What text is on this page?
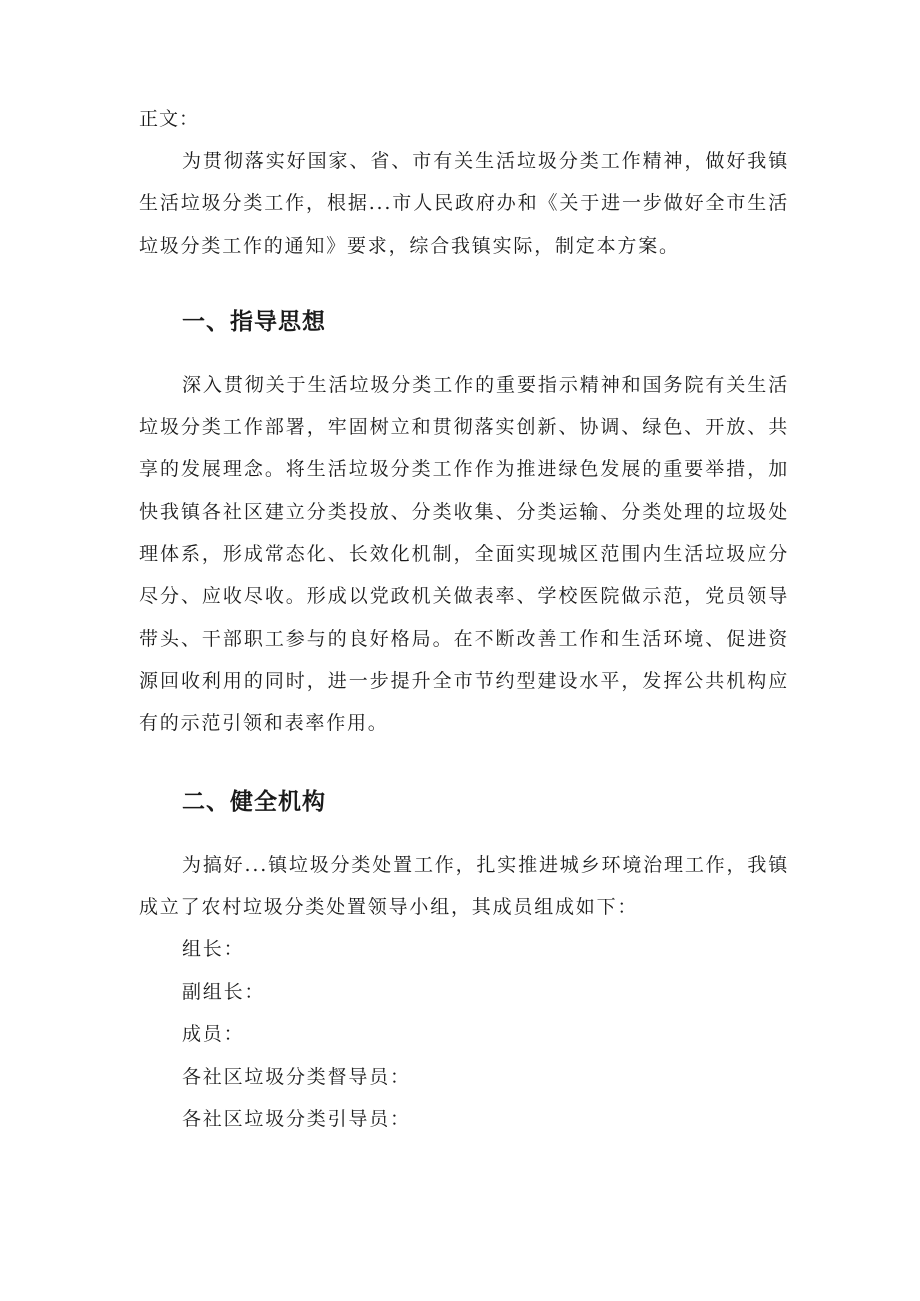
正文：

为贯彻落实好国家、省、市有关生活垃圾分类工作精神，做好我镇生活垃圾分类工作，根据...市人民政府办和《关于进一步做好全市生活垃圾分类工作的通知》要求，综合我镇实际，制定本方案。

一、指导思想

深入贯彻关于生活垃圾分类工作的重要指示精神和国务院有关生活垃圾分类工作部署，牢固树立和贯彻落实创新、协调、绿色、开放、共享的发展理念。将生活垃圾分类工作作为推进绿色发展的重要举措，加快我镇各社区建立分类投放、分类收集、分类运输、分类处理的垃圾处理体系，形成常态化、长效化机制，全面实现城区范围内生活垃圾应分尽分、应收尽收。形成以党政机关做表率、学校医院做示范，党员领导带头、干部职工参与的良好格局。在不断改善工作和生活环境、促进资源回收利用的同时，进一步提升全市节约型建设水平，发挥公共机构应有的示范引领和表率作用。

二、健全机构

为搞好...镇垃圾分类处置工作，扎实推进城乡环境治理工作，我镇成立了农村垃圾分类处置领导小组，其成员组成如下：

组长：

副组长：

成员：

各社区垃圾分类督导员：

各社区垃圾分类引导员：
